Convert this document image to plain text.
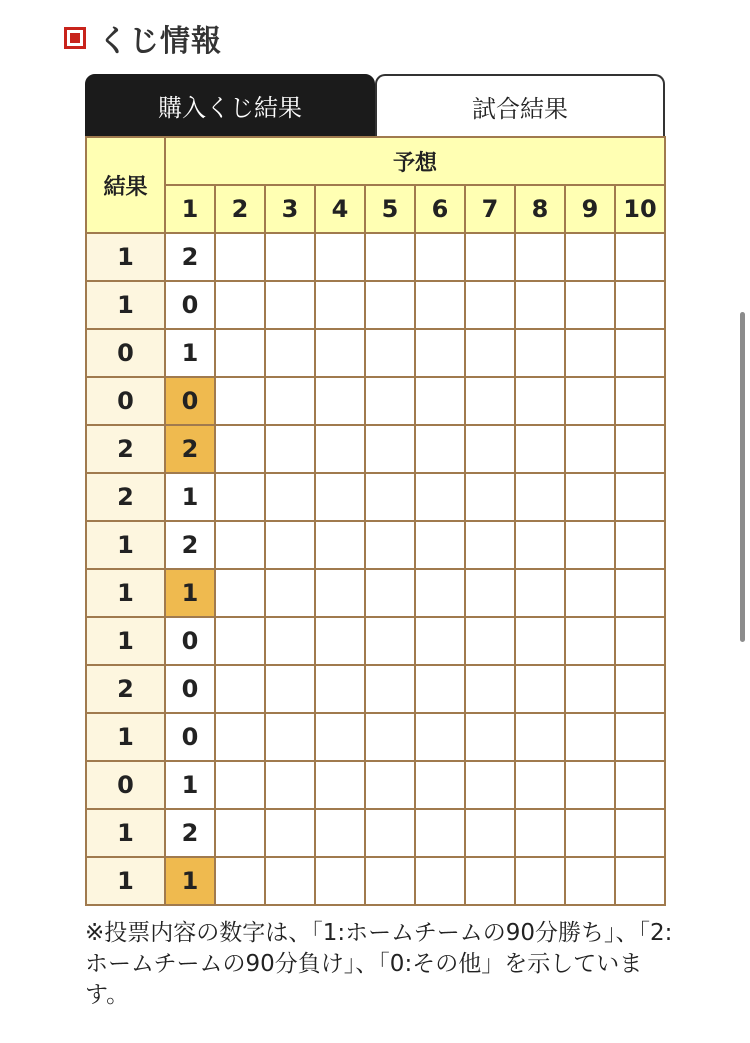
くじ情報
購入くじ結果	試合結果
結果	予想									
	1	2	3	4	5	6	7	8	9	10
1	2									
1	0									
0	1									
0	0									
2	2									
2	1									
1	2									
1	1									
1	0									
2	0									
1	0									
0	1									
1	2									
1	1									
※投票内容の数字は、「1:ホームチームの90分勝ち」、「2:ホームチームの90分負け」、「0:その他」を示しています。
